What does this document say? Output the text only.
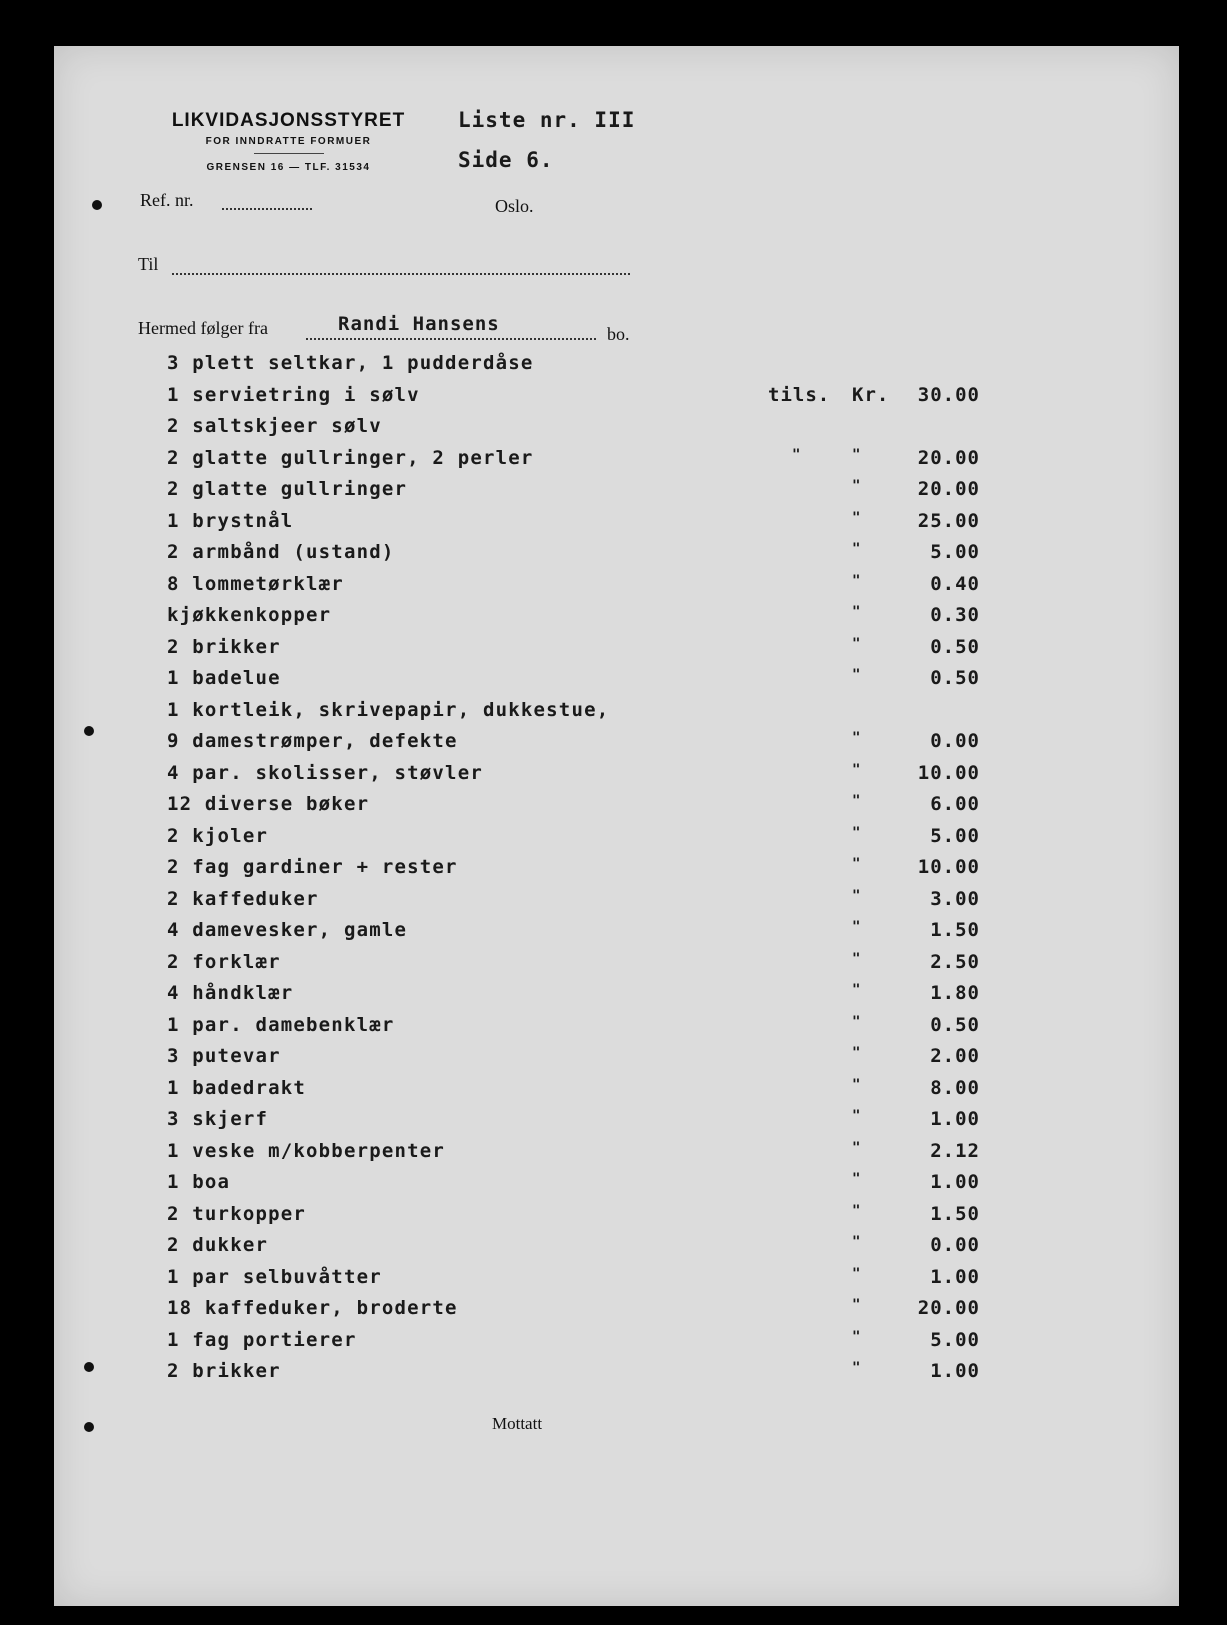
LIKVIDASJONSSTYRET
FOR INNDRATTE FORMUER
GRENSEN 16 — TLF. 31534
Liste nr. III
Side 6.
Ref. nr.	Oslo.
Til
Hermed følger fra	Randi Hansens	bo.
3 plett seltkar, 1 pudderdåse
1 servietring i sølv	tils. Kr.	30.00
2 saltskjeer sølv
2 glatte gullringer, 2 perler	"	"	20.00
2 glatte gullringer	"	20.00
1 brystnål	"	25.00
2 armbånd (ustand)	"	5.00
8 lommetørklær	"	0.40
kjøkkenkopper	"	0.30
2 brikker	"	0.50
1 badelue	"	0.50
1 kortleik, skrivepapir, dukkestue,
9 damestrømper, defekte	"	0.00
4 par. skolisser, støvler	"	10.00
12 diverse bøker	"	6.00
2 kjoler	"	5.00
2 fag gardiner + rester	"	10.00
2 kaffeduker	"	3.00
4 damevesker, gamle	"	1.50
2 forklær	"	2.50
4 håndklær	"	1.80
1 par. damebenklær	"	0.50
3 putevar	"	2.00
1 badedrakt	"	8.00
3 skjerf	"	1.00
1 veske m/kobberpenter	"	2.12
1 boa	"	1.00
2 turkopper	"	1.50
2 dukker	"	0.00
1 par selbuvåtter	"	1.00
18 kaffeduker, broderte	"	20.00
1 fag portierer	"	5.00
2 brikker	"	1.00
Mottatt
